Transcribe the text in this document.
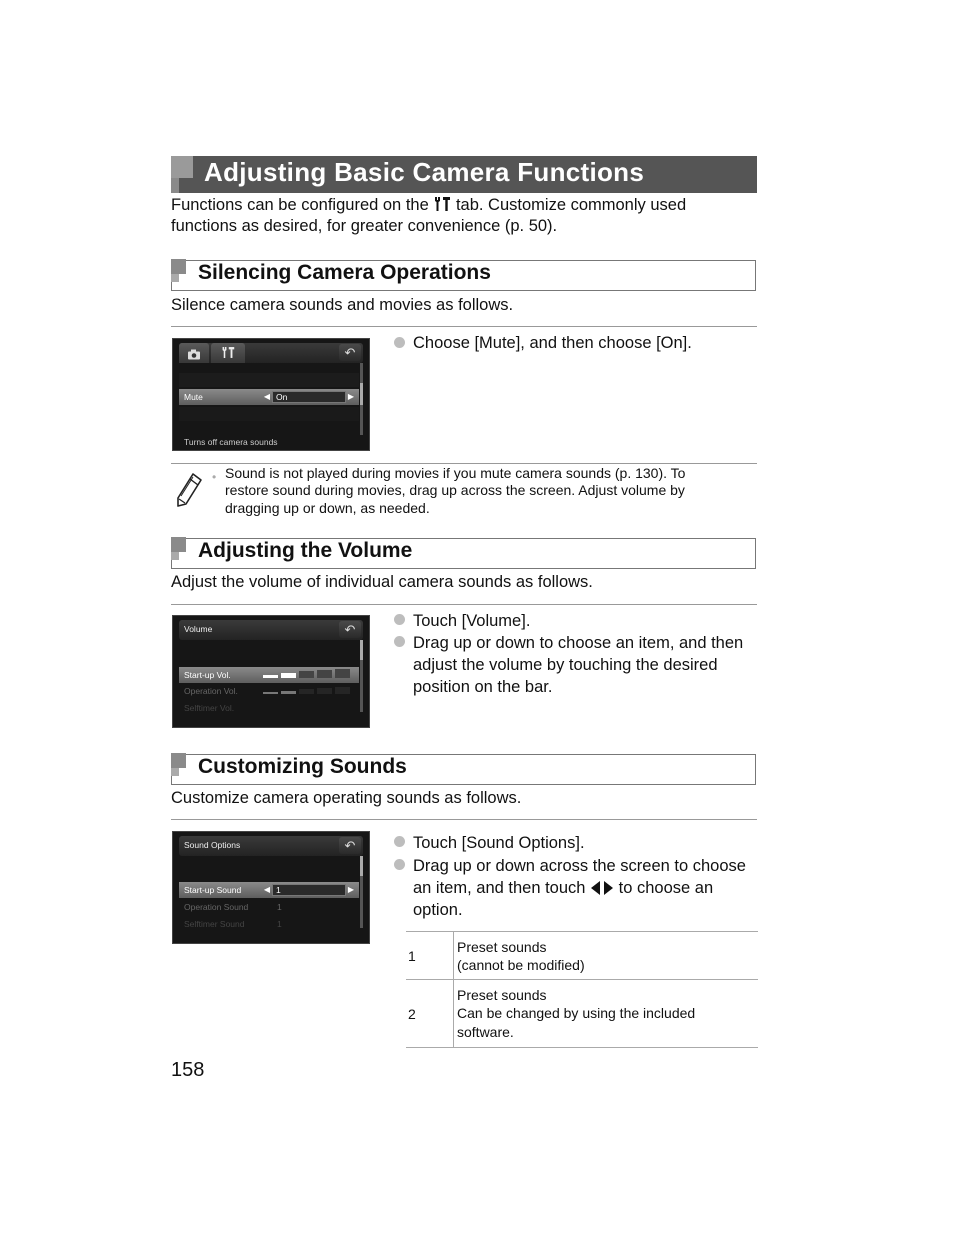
Adjusting Basic Camera Functions
Functions can be configured on the tab. Customize commonly used
functions as desired, for greater convenience (p. 50).
Silencing Camera Operations
Silence camera sounds and movies as follows.
↶
Mute	◀ On	▶
Turns off camera sounds
Choose [Mute], and then choose [On].
• Sound is not played during movies if you mute camera sounds (p. 130). To
restore sound during movies, drag up across the screen. Adjust volume by
dragging up or down, as needed.
Adjusting the Volume
Adjust the volume of individual camera sounds as follows.
Volume	↶
Start-up Vol.
Operation Vol.
Selftimer Vol.
Touch [Volume].
Drag up or down to choose an item, and then
adjust the volume by touching the desired
position on the bar.
Customizing Sounds
Customize camera operating sounds as follows.
Sound Options	↶
Start-up Sound	◀ 1	▶
Operation Sound	1
Selftimer Sound	1
Touch [Sound Options].
Drag up or down across the screen to choose
an item, and then touch to choose an
option.
1	Preset sounds
(cannot be modified)

2	Preset sounds
Can be changed by using the included
software.
158
